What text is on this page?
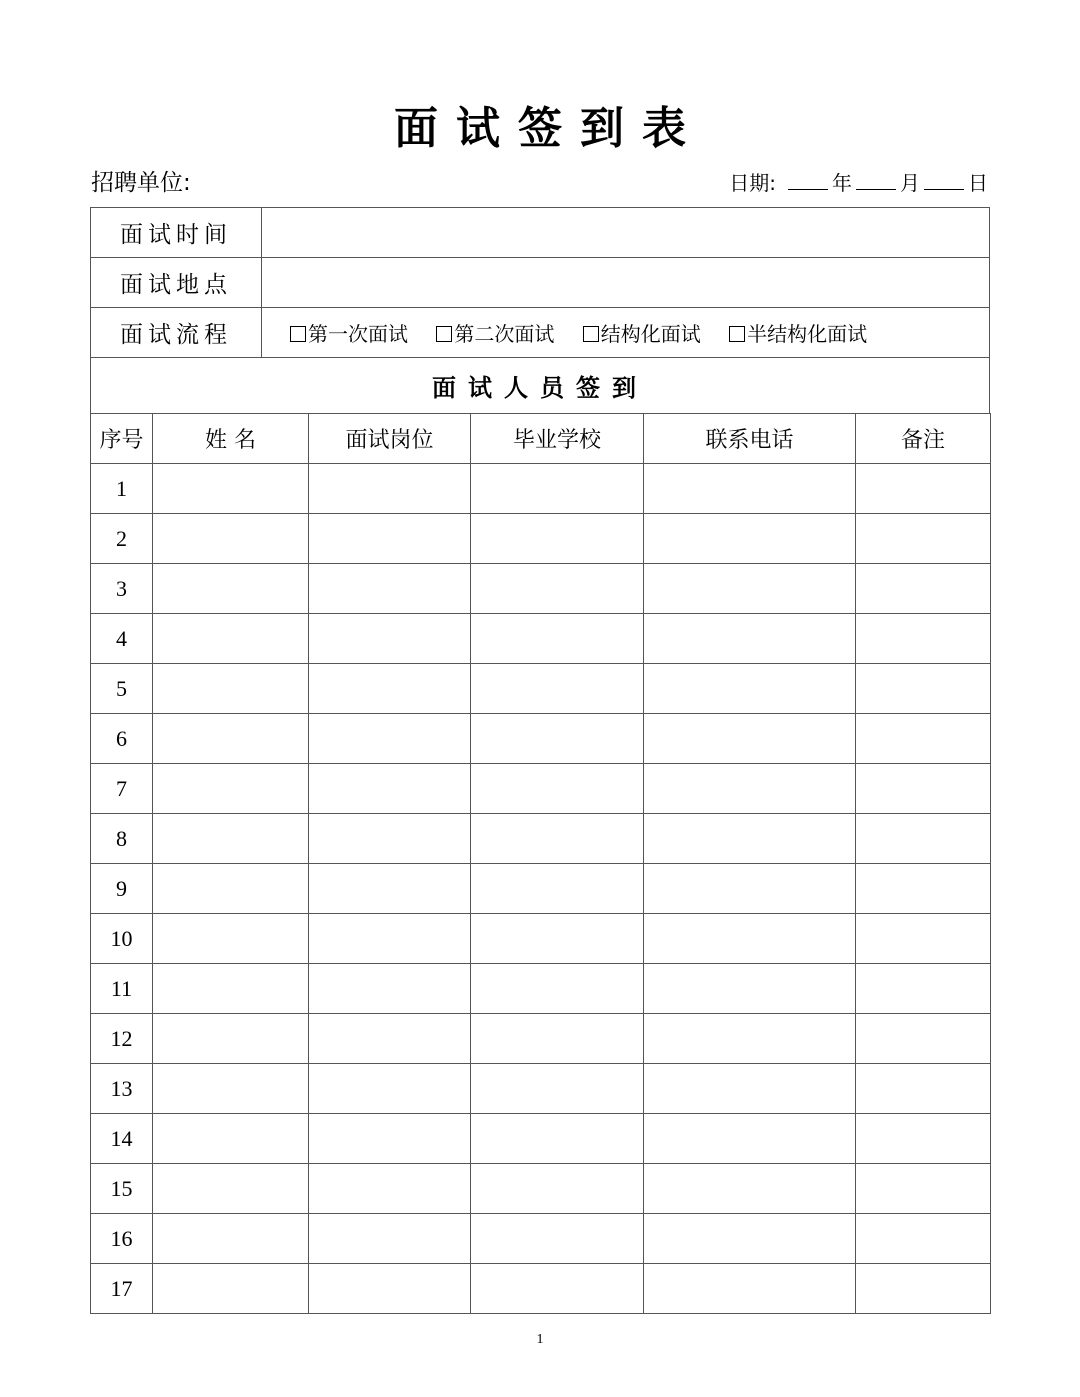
面试签到表
招聘单位:	日期:	年 月 日
面试时间	
面试地点	
面试流程	第一次面试 第二次面试 结构化面试 半结构化面试
面试人员签到	
序号	姓 名	面试岗位	毕业学校	联系电话	备注
1					
2					
3					
4					
5					
6					
7					
8					
9					
10					
11					
12					
13					
14					
15					
16					
17					
1
